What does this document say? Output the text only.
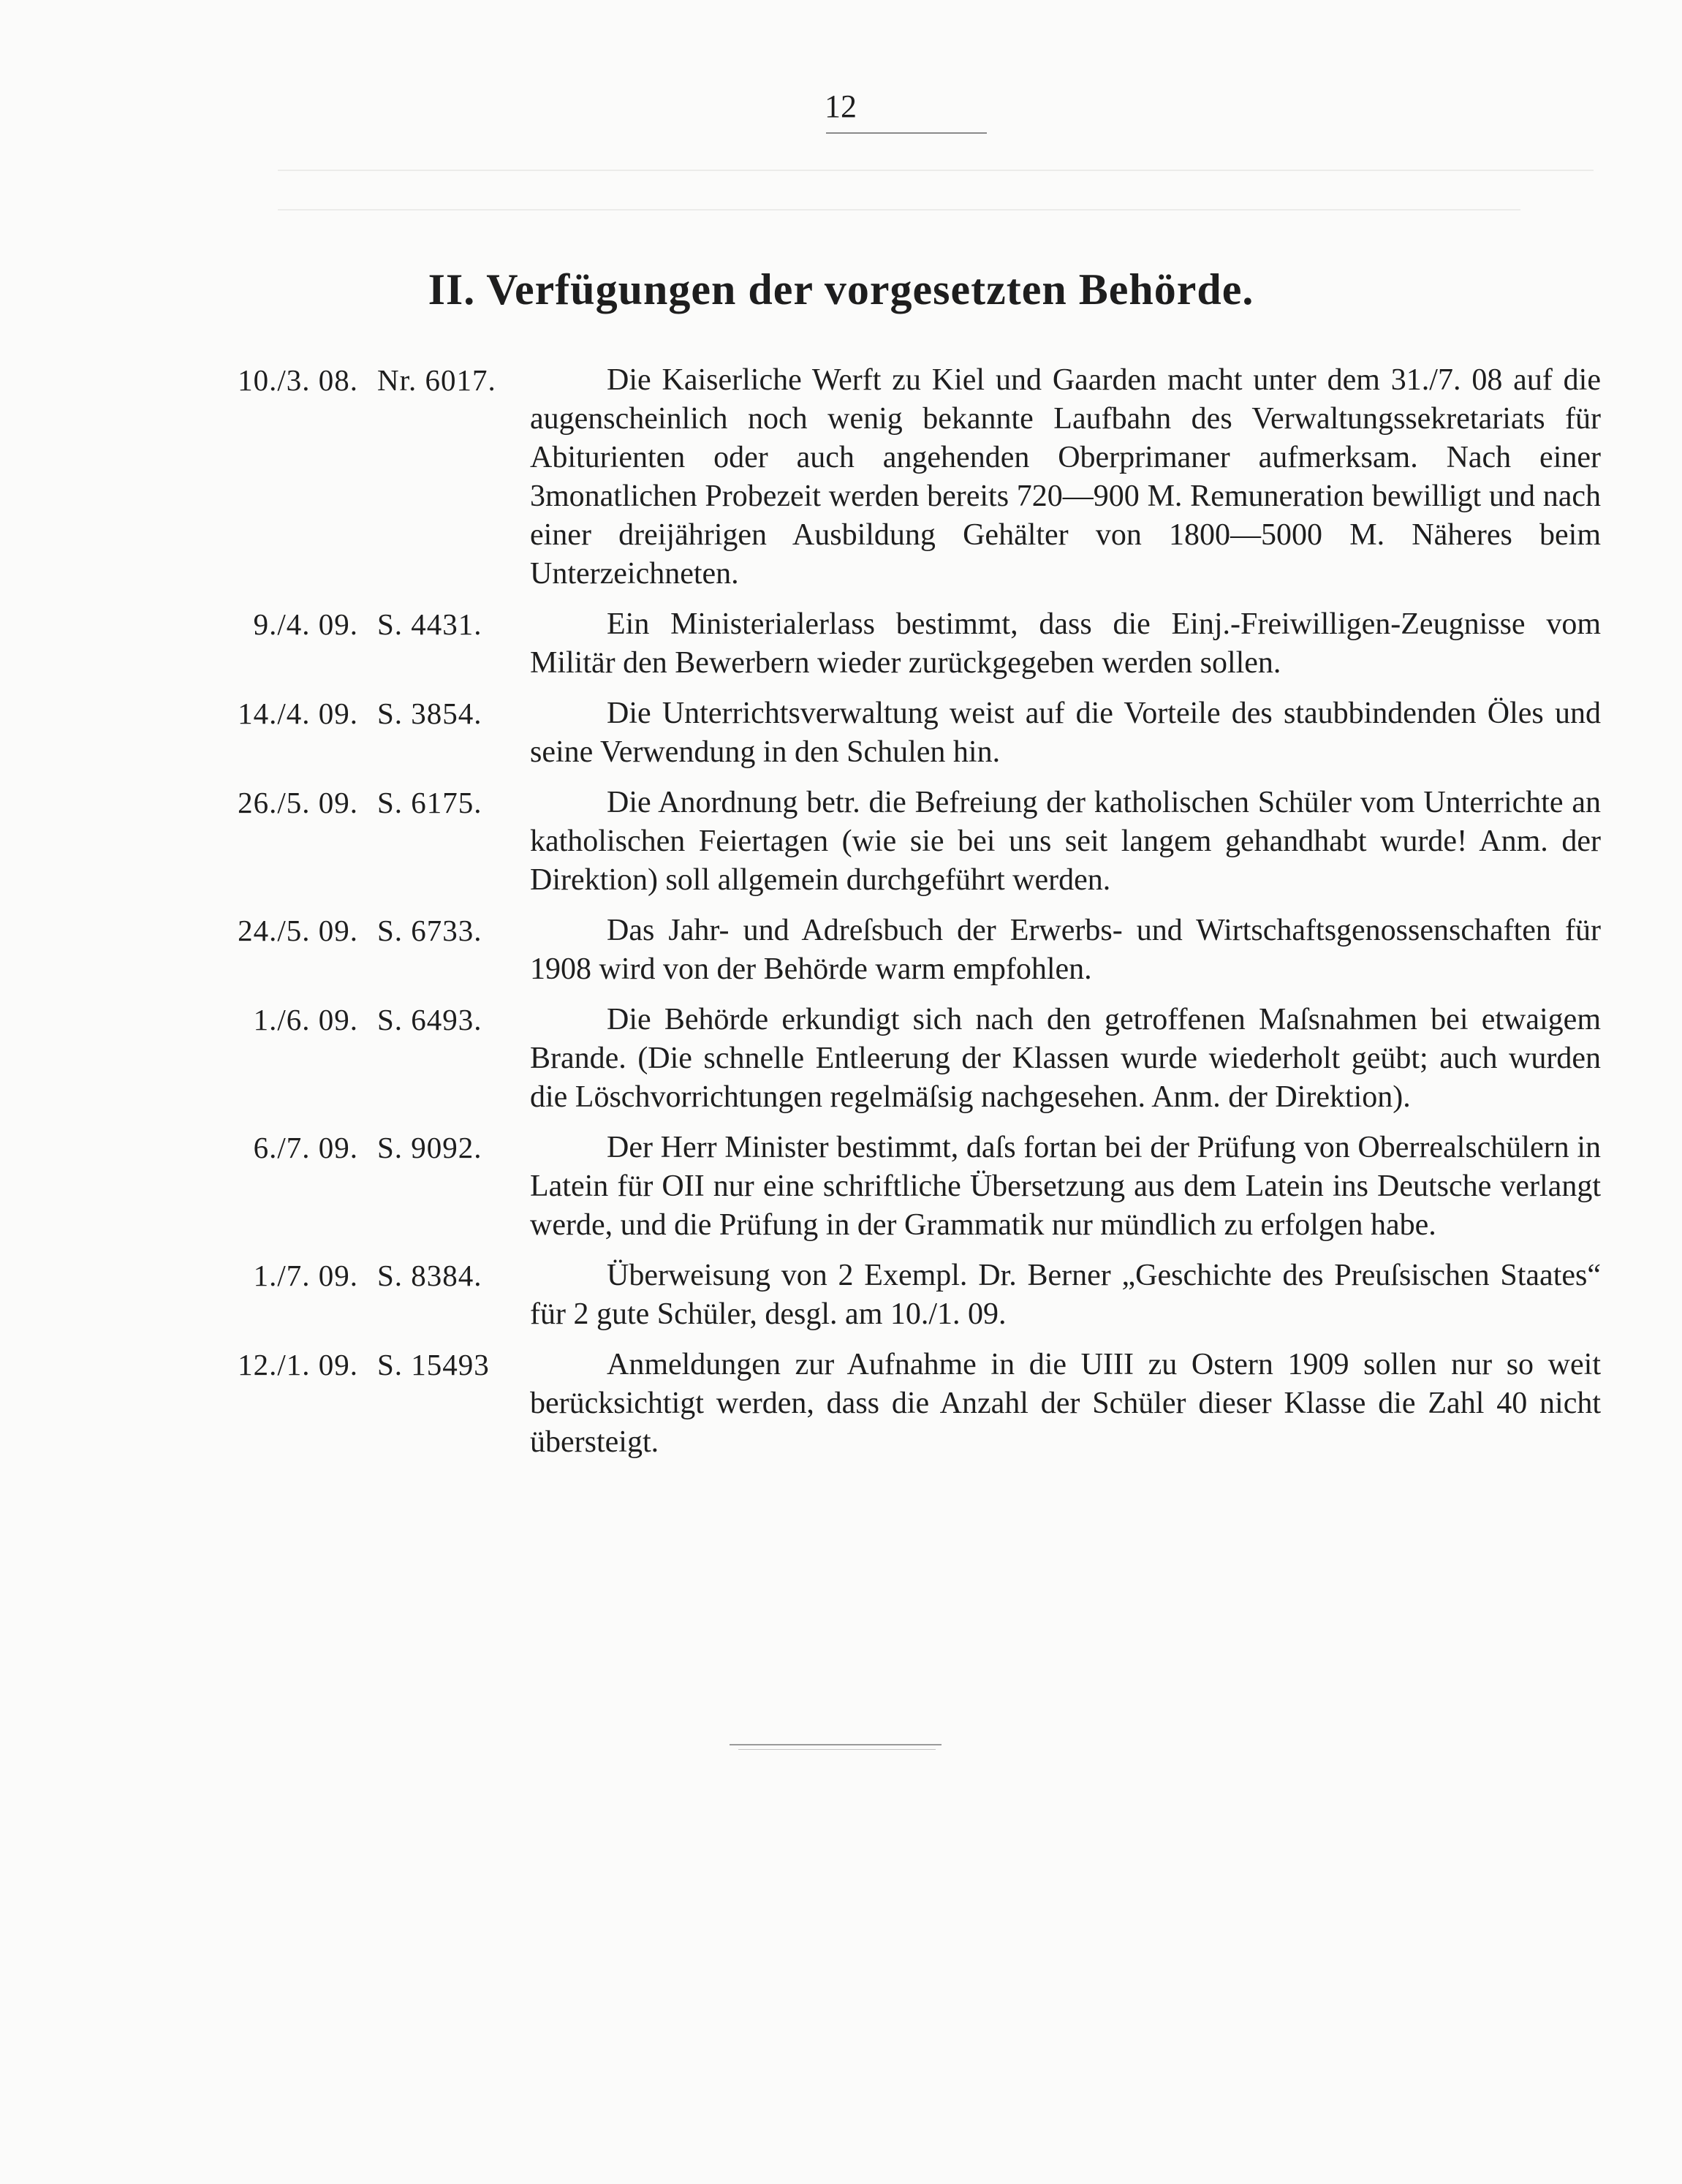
12
II. Verfügungen der vorgesetzten Behörde.
10./3. 08. Nr. 6017.	Die Kaiserliche Werft zu Kiel und Gaarden macht unter dem 31./7. 08 auf die augenscheinlich noch wenig bekannte Laufbahn des Verwaltungssekretariats für Abiturienten oder auch angehenden Oberprimaner aufmerksam. Nach einer 3monatlichen Probezeit werden bereits 720—900 M. Remuneration bewilligt und nach einer dreijährigen Ausbildung Gehälter von 1800—5000 M. Näheres beim Unterzeichneten.
9./4. 09. S. 4431.	Ein Ministerialerlass bestimmt, dass die Einj.-Freiwilligen-Zeugnisse vom Militär den Bewerbern wieder zurückgegeben werden sollen.
14./4. 09. S. 3854.	Die Unterrichtsverwaltung weist auf die Vorteile des staubbindenden Öles und seine Verwendung in den Schulen hin.
26./5. 09. S. 6175.	Die Anordnung betr. die Befreiung der katholischen Schüler vom Unterrichte an katholischen Feiertagen (wie sie bei uns seit langem gehandhabt wurde! Anm. der Direktion) soll allgemein durchgeführt werden.
24./5. 09. S. 6733.	Das Jahr- und Adreſsbuch der Erwerbs- und Wirtschaftsgenossenschaften für 1908 wird von der Behörde warm empfohlen.
1./6. 09. S. 6493.	Die Behörde erkundigt sich nach den getroffenen Maſsnahmen bei etwaigem Brande. (Die schnelle Entleerung der Klassen wurde wiederholt geübt; auch wurden die Löschvorrichtungen regelmäſsig nachgesehen. Anm. der Direktion).
6./7. 09. S. 9092.	Der Herr Minister bestimmt, daſs fortan bei der Prüfung von Oberrealschülern in Latein für OII nur eine schriftliche Übersetzung aus dem Latein ins Deutsche verlangt werde, und die Prüfung in der Grammatik nur mündlich zu erfolgen habe.
1./7. 09. S. 8384.	Überweisung von 2 Exempl. Dr. Berner „Geschichte des Preuſsischen Staates“ für 2 gute Schüler, desgl. am 10./1. 09.
12./1. 09. S. 15493	Anmeldungen zur Aufnahme in die UIII zu Ostern 1909 sollen nur so weit berücksichtigt werden, dass die Anzahl der Schüler dieser Klasse die Zahl 40 nicht übersteigt.
